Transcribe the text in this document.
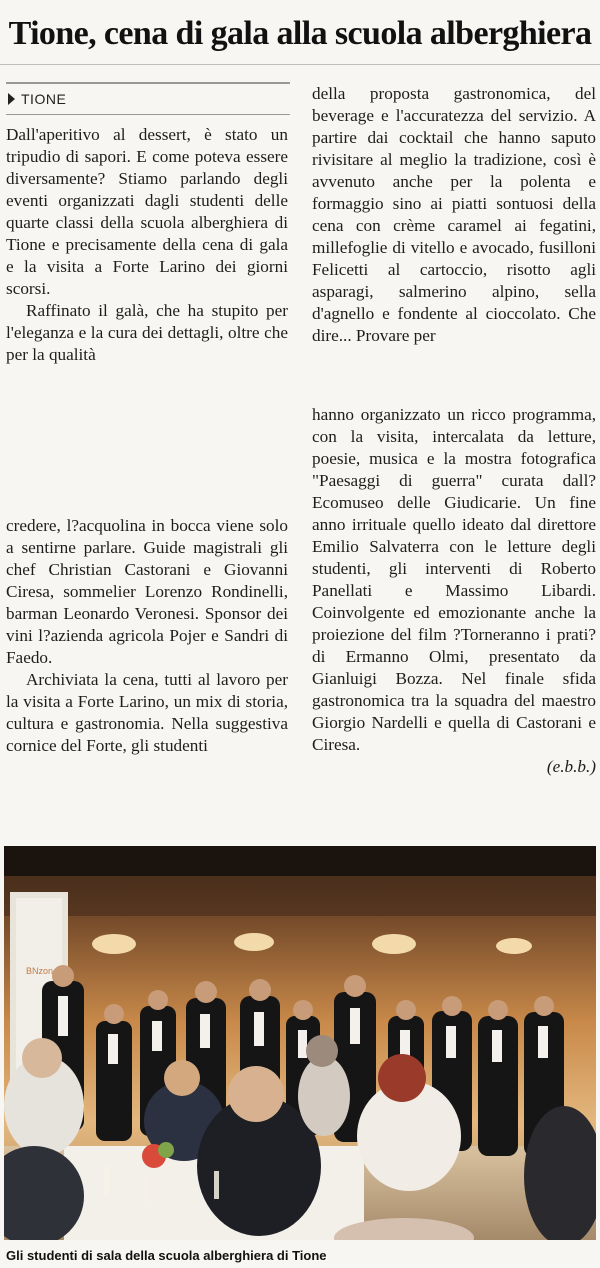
Tione, cena di gala alla scuola alberghiera
TIONE

Dall'aperitivo al dessert, è stato un tripudio di sapori. E come poteva essere diversamente? Stiamo parlando degli eventi organizzati dagli studenti delle quarte classi della scuola alberghiera di Tione e precisamente della cena di gala e la visita a Forte Larino dei giorni scorsi.

Raffinato il galà, che ha stupito per l'eleganza e la cura dei dettagli, oltre che per la qualità

della proposta gastronomica, del beverage e l'accuratezza del servizio. A partire dai cocktail che hanno saputo rivisitare al meglio la tradizione, così è avvenuto anche per la polenta e formaggio sino ai piatti sontuosi della cena con crème caramel ai fegatini, millefoglie di vitello e avocado, fusilloni Felicetti al cartoccio, risotto agli asparagi, salmerino alpino, sella d'agnello e fondente al cioccolato. Che dire... Provare per

credere, l?acquolina in bocca viene solo a sentirne parlare. Guide magistrali gli chef Christian Castorani e Giovanni Ciresa, sommelier Lorenzo Rondinelli, barman Leonardo Veronesi. Sponsor dei vini l?azienda agricola Pojer e Sandri di Faedo.

Archiviata la cena, tutti al lavoro per la visita a Forte Larino, un mix di storia, cultura e gastronomia. Nella suggestiva cornice del Forte, gli studenti

hanno organizzato un ricco programma, con la visita, intercalata da letture, poesie, musica e la mostra fotografica "Paesaggi di guerra" curata dall? Ecomuseo delle Giudicarie. Un fine anno irrituale quello ideato dal direttore Emilio Salvaterra con le letture degli studenti, gli interventi di Roberto Panellati e Massimo Libardi. Coinvolgente ed emozionante anche la proiezione del film ?Torneranno i prati? di Ermanno Olmi, presentato da Gianluigi Bozza. Nel finale sfida gastronomica tra la squadra del maestro Giorgio Nardelli e quella di Castorani e Ciresa.

(e.b.b.)

BNzon
Gli studenti di sala della scuola alberghiera di Tione
